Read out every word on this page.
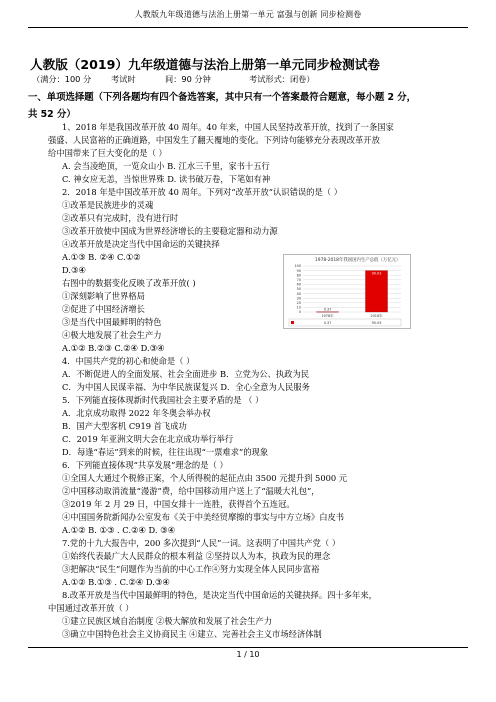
人教版九年级道德与法治上册第一单元 富强与创新 同步检测卷
人教版（2019）九年级道德与法治上册第一单元同步检测试卷
（满分：100 分 考试时	间：90 分钟	考试形式：闭卷）
一、单项选择题（下列各题均有四个备选答案，其中只有一个答案最符合题意，每小题 2 分，
共 52 分）
1、2018 年是我国改革开放 40 周年。40 年来，中国人民坚持改革开放，找到了一条国家
强盛、人民富裕的正确道路，中国发生了翻天覆地的变化。下列诗句能够充分表现改革开放
给中国带来了巨大变化的是（ ）
A. 会当凌绝顶，一览众山小 B. 江水三千里，家书十五行
C. 神女应无恙，当惊世界殊 D. 读书破万卷，下笔如有神
2．2018 年是中国改革开放 40 周年。下列对“改革开放”认识错误的是（ ）
①改革是民族进步的灵魂
②改革只有完成时，没有进行时
③改革开放使中国成为世界经济增长的主要稳定器和动力源
④改革开放是决定当代中国命运的关键抉择
A.①③ B. ②④ C.①②
D.③④
右图中的数据变化反映了改革开放( )
①深刻影响了世界格局
②促进了中国经济增长
③是当代中国最鲜明的特色
④极大地发展了社会生产力
A.①② B.②③ C.②④ D.③④
4．中国共产党的初心和使命是（ ）
A．不断促进人的全面发展、社会全面进步 B．立党为公、执政为民
C．为中国人民谋幸福、为中华民族谋复兴 D．全心全意为人民服务
5．下列能直接体现新时代我国社会主要矛盾的是 （ ）
A．北京成功取得 2022 年冬奥会举办权
B．国产大型客机 C919 首飞成功
C．2019 年亚洲文明大会在北京成功举行举行
D．每逢“春运”到来的时候，往往出现“一票难求”的现象
6．下列能直接体现“共享发展”理念的是（ ）
①全国人大通过个税修正案，个人所得税的起征点由 3500 元提升到 5000 元
②中国移动取消流量“漫游”费，给中国移动用户送上了“温暖大礼包”，
③2019 年 2 月 29 日，中国女排十一连胜，获得首个五连冠。
④中国国务院新闻办公室发布《关于中美经贸摩擦的事实与中方立场》白皮书
A.①② B. ①③ . C.②④ D. ③④
7.党的十九大报告中，200 多次提到“人民”一词。这表明了中国共产党（ ）
①始终代表最广大人民群众的根本利益 ②坚持以人为本，执政为民的理念
③把解决“民生”问题作为当前的中心工作④努力实现全体人民同步富裕
A.①② B.①③ . C.②④ D.③④
8.改革开放是当代中国最鲜明的特色，是决定当代中国命运的关键抉择。四十多年来，
中国通过改革开放（ ）
①建立民族区域自治制度 ②极大解放和发展了社会生产力
③确立中国特色社会主义协商民主 ④建立、完善社会主义市场经济体制
1978-2018年我国国内生产总值（万亿元）
0
10
20
30
40
50
60
70
80
90
100
0.37
1978年
90.03
2018年
0.37	90.03
1 / 10
